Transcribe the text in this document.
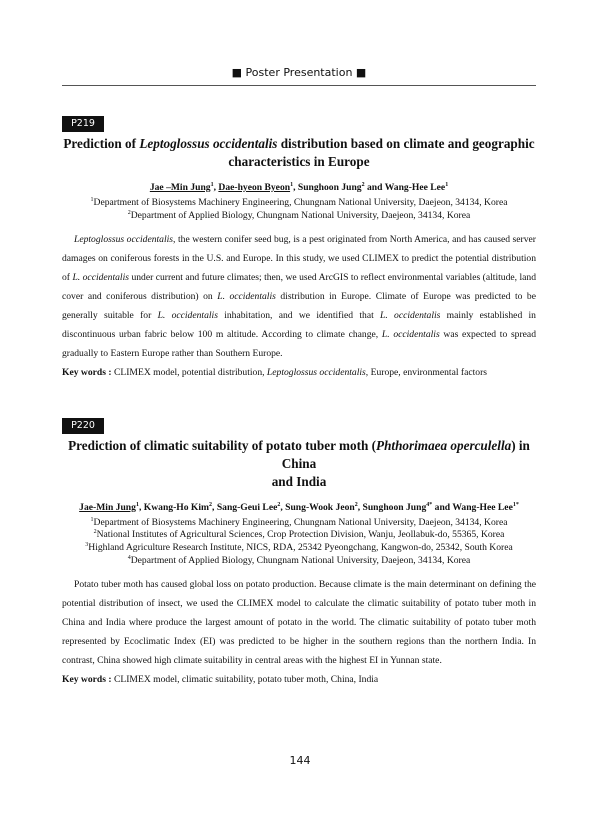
■ Poster Presentation ■
P219
Prediction of Leptoglossus occidentalis distribution based on climate and geographic
characteristics in Europe
Jae –Min Jung$^1$, Dae-hyeon Byeon$^1$, Sunghoon Jung$^2$ and Wang-Hee Lee$^1$
$^1$Department of Biosystems Machinery Engineering, Chungnam National University, Daejeon, 34134, Korea
$^2$Department of Applied Biology, Chungnam National University, Daejeon, 34134, Korea
Leptoglossus occidentalis, the western conifer seed bug, is a pest originated from North America, and has caused server damages on coniferous forests in the U.S. and Europe. In this study, we used CLIMEX to predict the potential distribution of L. occidentalis under current and future climates; then, we used ArcGIS to reflect environmental variables (altitude, land cover and coniferous distribution) on L. occidentalis distribution in Europe. Climate of Europe was predicted to be generally suitable for L. occidentalis inhabitation, and we identified that L. occidentalis mainly established in discontinuous urban fabric below 100 m altitude. According to climate change, L. occidentalis was expected to spread gradually to Eastern Europe rather than Southern Europe.
Key words : CLIMEX model, potential distribution, Leptoglossus occidentalis, Europe, environmental factors
P220
Prediction of climatic suitability of potato tuber moth (Phthorimaea operculella) in China
and India
Jae-Min Jung$^1$, Kwang-Ho Kim$^2$, Sang-Geui Lee$^2$, Sung-Wook Jeon$^2$, Sunghoon Jung$^{4*}$ and Wang-Hee Lee$^{1*}$
$^1$Department of Biosystems Machinery Engineering, Chungnam National University, Daejeon, 34134, Korea
$^2$National Institutes of Agricultural Sciences, Crop Protection Division, Wanju, Jeollabuk-do, 55365, Korea
$^3$Highland Agriculture Research Institute, NICS, RDA, 25342 Pyeongchang, Kangwon-do, 25342, South Korea
$^4$Department of Applied Biology, Chungnam National University, Daejeon, 34134, Korea
Potato tuber moth has caused global loss on potato production. Because climate is the main determinant on defining the potential distribution of insect, we used the CLIMEX model to calculate the climatic suitability of potato tuber moth in China and India where produce the largest amount of potato in the world. The climatic suitability of potato tuber moth represented by Ecoclimatic Index (EI) was predicted to be higher in the southern regions than the northern India. In contrast, China showed high climate suitability in central areas with the highest EI in Yunnan state.
Key words : CLIMEX model, climatic suitability, potato tuber moth, China, India
144
